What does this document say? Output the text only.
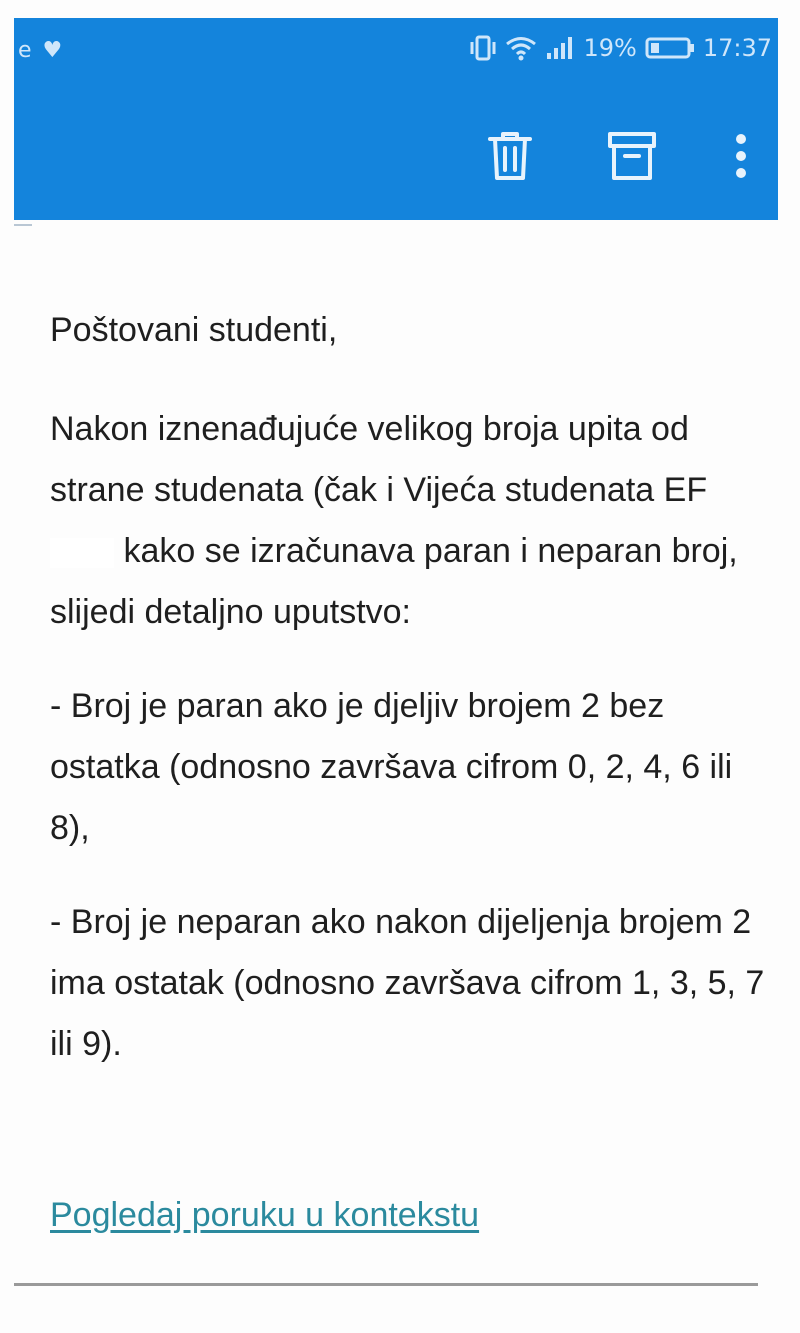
e ♥	19%	17:37

Poštovani studenti,

Nakon iznenađujuće velikog broja upita od strane studenata (čak i Vijeća studenata EF kako se izračunava paran i neparan broj, slijedi detaljno uputstvo:

- Broj je paran ako je djeljiv brojem 2 bez ostatka (odnosno završava cifrom 0, 2, 4, 6 ili 8),

- Broj je neparan ako nakon dijeljenja brojem 2 ima ostatak (odnosno završava cifrom 1, 3, 5, 7 ili 9).

Pogledaj poruku u kontekstu
